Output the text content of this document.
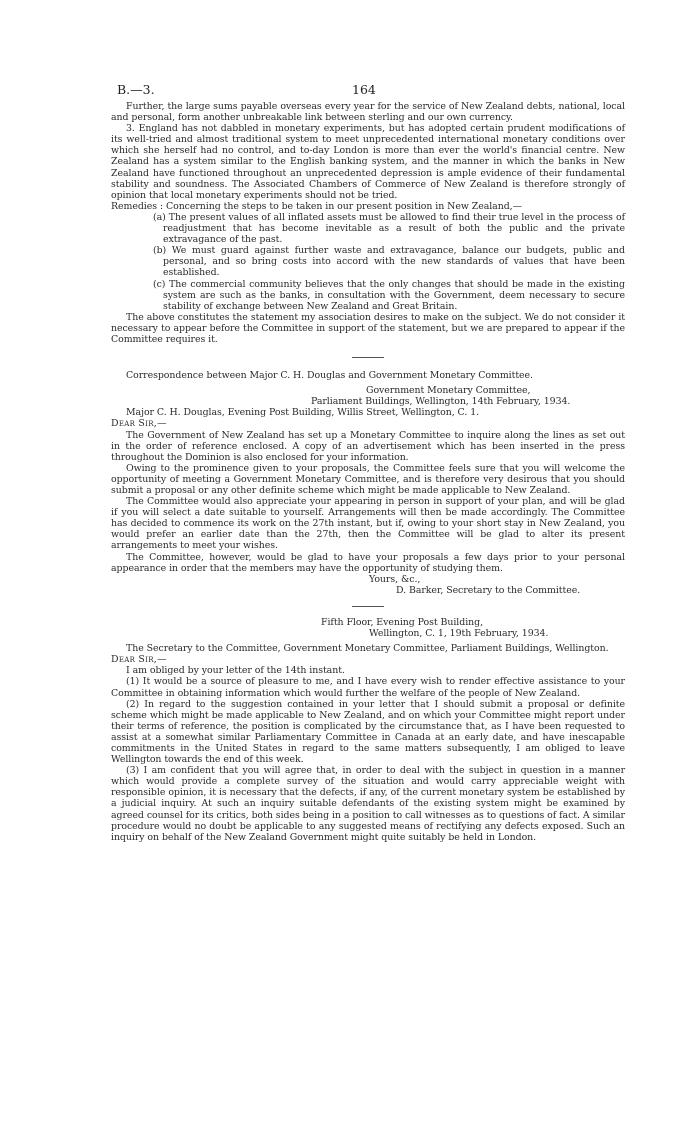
B.—3.	164

Further, the large sums payable overseas every year for the service of New Zealand debts, national, local and personal, form another unbreakable link between sterling and our own currency.

3. England has not dabbled in monetary experiments, but has adopted certain prudent modifications of its well-tried and almost traditional system to meet unprecedented international monetary conditions over which she herself had no control, and to-day London is more than ever the world's financial centre. New Zealand has a system similar to the English banking system, and the manner in which the banks in New Zealand have functioned throughout an unprecedented depression is ample evidence of their fundamental stability and soundness. The Associated Chambers of Commerce of New Zealand is therefore strongly of opinion that local monetary experiments should not be tried.

Remedies : Concerning the steps to be taken in our present position in New Zealand,—

(a) The present values of all inflated assets must be allowed to find their true level in the process of readjustment that has become inevitable as a result of both the public and the private extravagance of the past.

(b) We must guard against further waste and extravagance, balance our budgets, public and personal, and so bring costs into accord with the new standards of values that have been established.

(c) The commercial community believes that the only changes that should be made in the existing system are such as the banks, in consultation with the Government, deem necessary to secure stability of exchange between New Zealand and Great Britain.

The above constitutes the statement my association desires to make on the subject. We do not consider it necessary to appear before the Committee in support of the statement, but we are prepared to appear if the Committee requires it.

Correspondence between Major C. H. Douglas and Government Monetary Committee.

Government Monetary Committee,

Parliament Buildings, Wellington, 14th February, 1934.

Major C. H. Douglas, Evening Post Building, Willis Street, Wellington, C. 1.

Dear Sir,—

The Government of New Zealand has set up a Monetary Committee to inquire along the lines as set out in the order of reference enclosed. A copy of an advertisement which has been inserted in the press throughout the Dominion is also enclosed for your information.

Owing to the prominence given to your proposals, the Committee feels sure that you will welcome the opportunity of meeting a Government Monetary Committee, and is therefore very desirous that you should submit a proposal or any other definite scheme which might be made applicable to New Zealand.

The Committee would also appreciate your appearing in person in support of your plan, and will be glad if you will select a date suitable to yourself. Arrangements will then be made accordingly. The Committee has decided to commence its work on the 27th instant, but if, owing to your short stay in New Zealand, you would prefer an earlier date than the 27th, then the Committee will be glad to alter its present arrangements to meet your wishes.

The Committee, however, would be glad to have your proposals a few days prior to your personal appearance in order that the members may have the opportunity of studying them.

Yours, &c.,

D. Barker, Secretary to the Committee.

Fifth Floor, Evening Post Building,

Wellington, C. 1, 19th February, 1934.

The Secretary to the Committee, Government Monetary Committee, Parliament Buildings, Wellington.

Dear Sir,—

I am obliged by your letter of the 14th instant.

(1) It would be a source of pleasure to me, and I have every wish to render effective assistance to your Committee in obtaining information which would further the welfare of the people of New Zealand.

(2) In regard to the suggestion contained in your letter that I should submit a proposal or definite scheme which might be made applicable to New Zealand, and on which your Committee might report under their terms of reference, the position is complicated by the circumstance that, as I have been requested to assist at a somewhat similar Parliamentary Committee in Canada at an early date, and have inescapable commitments in the United States in regard to the same matters subsequently, I am obliged to leave Wellington towards the end of this week.

(3) I am confident that you will agree that, in order to deal with the subject in question in a manner which would provide a complete survey of the situation and would carry appreciable weight with responsible opinion, it is necessary that the defects, if any, of the current monetary system be established by a judicial inquiry. At such an inquiry suitable defendants of the existing system might be examined by agreed counsel for its critics, both sides being in a position to call witnesses as to questions of fact. A similar procedure would no doubt be applicable to any suggested means of rectifying any defects exposed. Such an inquiry on behalf of the New Zealand Government might quite suitably be held in London.
